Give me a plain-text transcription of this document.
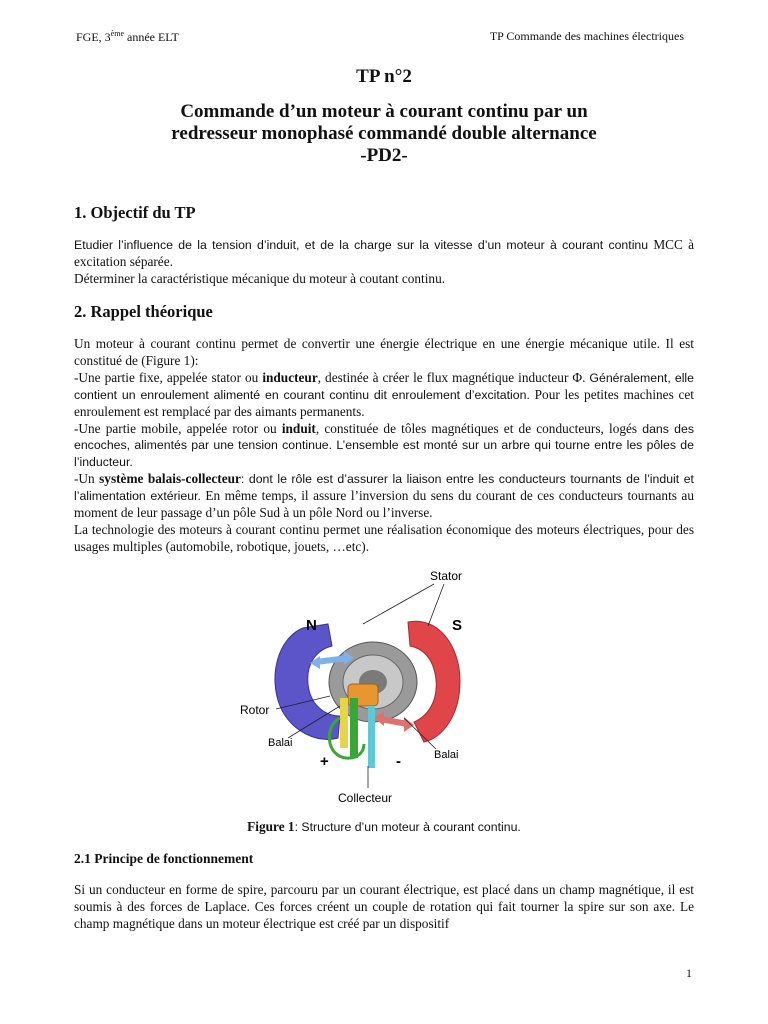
FGE, 3ème année ELT	TP Commande des machines électriques
TP n°2
Commande d’un moteur à courant continu par un
redresseur monophasé commandé double alternance
-PD2-
1. Objectif du TP

Etudier l’influence de la tension d’induit, et de la charge sur la vitesse d’un moteur à courant continu MCC à excitation séparée.

Déterminer la caractéristique mécanique du moteur à coutant continu.

2. Rappel théorique

Un moteur à courant continu permet de convertir une énergie électrique en une énergie mécanique utile. Il est constitué de (Figure 1):

-Une partie fixe, appelée stator ou inducteur, destinée à créer le flux magnétique inducteur Φ. Généralement, elle contient un enroulement alimenté en courant continu dit enroulement d’excitation. Pour les petites machines cet enroulement est remplacé par des aimants permanents.

-Une partie mobile, appelée rotor ou induit, constituée de tôles magnétiques et de conducteurs, logés dans des encoches, alimentés par une tension continue. L’ensemble est monté sur un arbre qui tourne entre les pôles de l’inducteur.

-Un système balais-collecteur: dont le rôle est d’assurer la liaison entre les conducteurs tournants de l’induit et l’alimentation extérieur. En même temps, il assure l’inversion du sens du courant de ces conducteurs tournants au moment de leur passage d’un pôle Sud à un pôle Nord ou l’inverse.

La technologie des moteurs à courant continu permet une réalisation économique des moteurs électriques, pour des usages multiples (automobile, robotique, jouets, …etc).

Stator
N	S
Rotor
Balai
Balai
+	-
Collecteur
Figure 1: Structure d’un moteur à courant continu.
2.1 Principe de fonctionnement
Si un conducteur en forme de spire, parcouru par un courant électrique, est placé dans un champ magnétique, il est soumis à des forces de Laplace. Ces forces créent un couple de rotation qui fait tourner la spire sur son axe. Le champ magnétique dans un moteur électrique est créé par un dispositif
1
